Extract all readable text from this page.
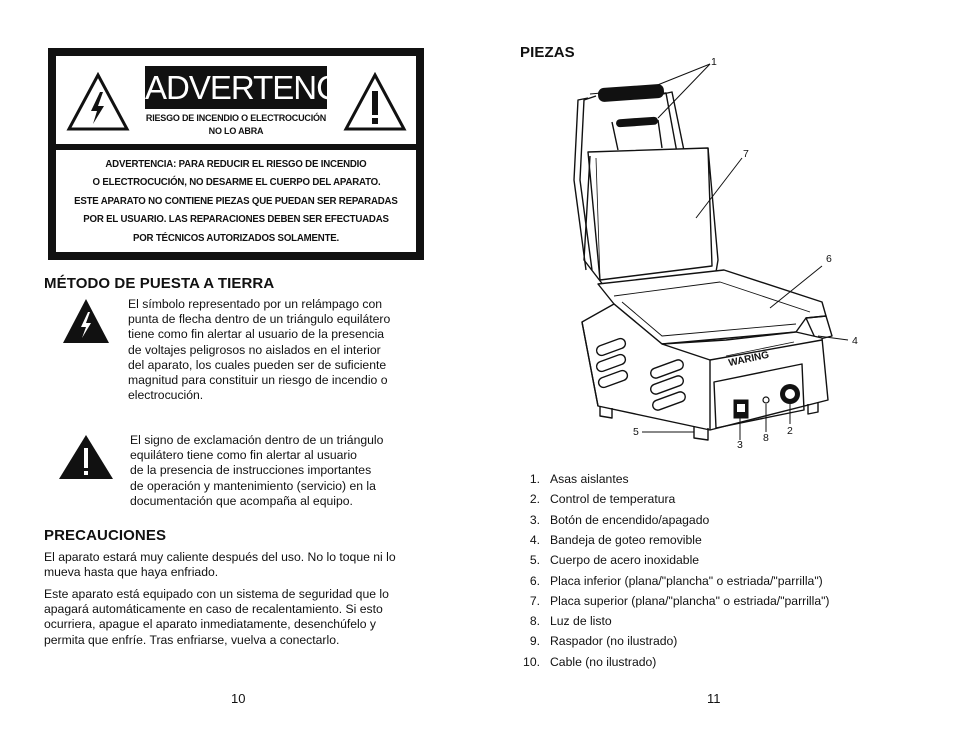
ADVERTENCIA
RIESGO DE INCENDIO O ELECTROCUCIÓN
NO LO ABRA
ADVERTENCIA: PARA REDUCIR EL RIESGO DE INCENDIO
O ELECTROCUCIÓN, NO DESARME EL CUERPO DEL APARATO.
ESTE APARATO NO CONTIENE PIEZAS QUE PUEDAN SER REPARADAS
POR EL USUARIO. LAS REPARACIONES DEBEN SER EFECTUADAS
POR TÉCNICOS AUTORIZADOS SOLAMENTE.
MÉTODO DE PUESTA A TIERRA
El símbolo representado por un relámpago con
punta de flecha dentro de un triángulo equilátero
tiene como fin alertar al usuario de la presencia
de voltajes peligrosos no aislados en el interior
del aparato, los cuales pueden ser de suficiente
magnitud para constituir un riesgo de incendio o
electrocución.
El signo de exclamación dentro de un triángulo
equilátero tiene como fin alertar al usuario
de la presencia de instrucciones importantes
de operación y mantenimiento (servicio) en la
documentación que acompaña al equipo.
PRECAUCIONES
El aparato estará muy caliente después del uso. No lo toque ni lo
mueva hasta que haya enfriado.
Este aparato está equipado con un sistema de seguridad que lo
apagará automáticamente en caso de recalentamiento. Si esto
ocurriera, apague el aparato inmediatamente, desenchúfelo y
permita que enfríe. Tras enfriarse, vuelva a conectarlo.
10
PIEZAS
WARING
1
7
6
4
5
3
8
2
1. Asas aislantes
2. Control de temperatura
3. Botón de encendido/apagado
4. Bandeja de goteo removible
5. Cuerpo de acero inoxidable
6. Placa inferior (plana/"plancha" o estriada/"parrilla")
7. Placa superior (plana/"plancha" o estriada/"parrilla")
8. Luz de listo
9. Raspador (no ilustrado)
10. Cable (no ilustrado)
11
